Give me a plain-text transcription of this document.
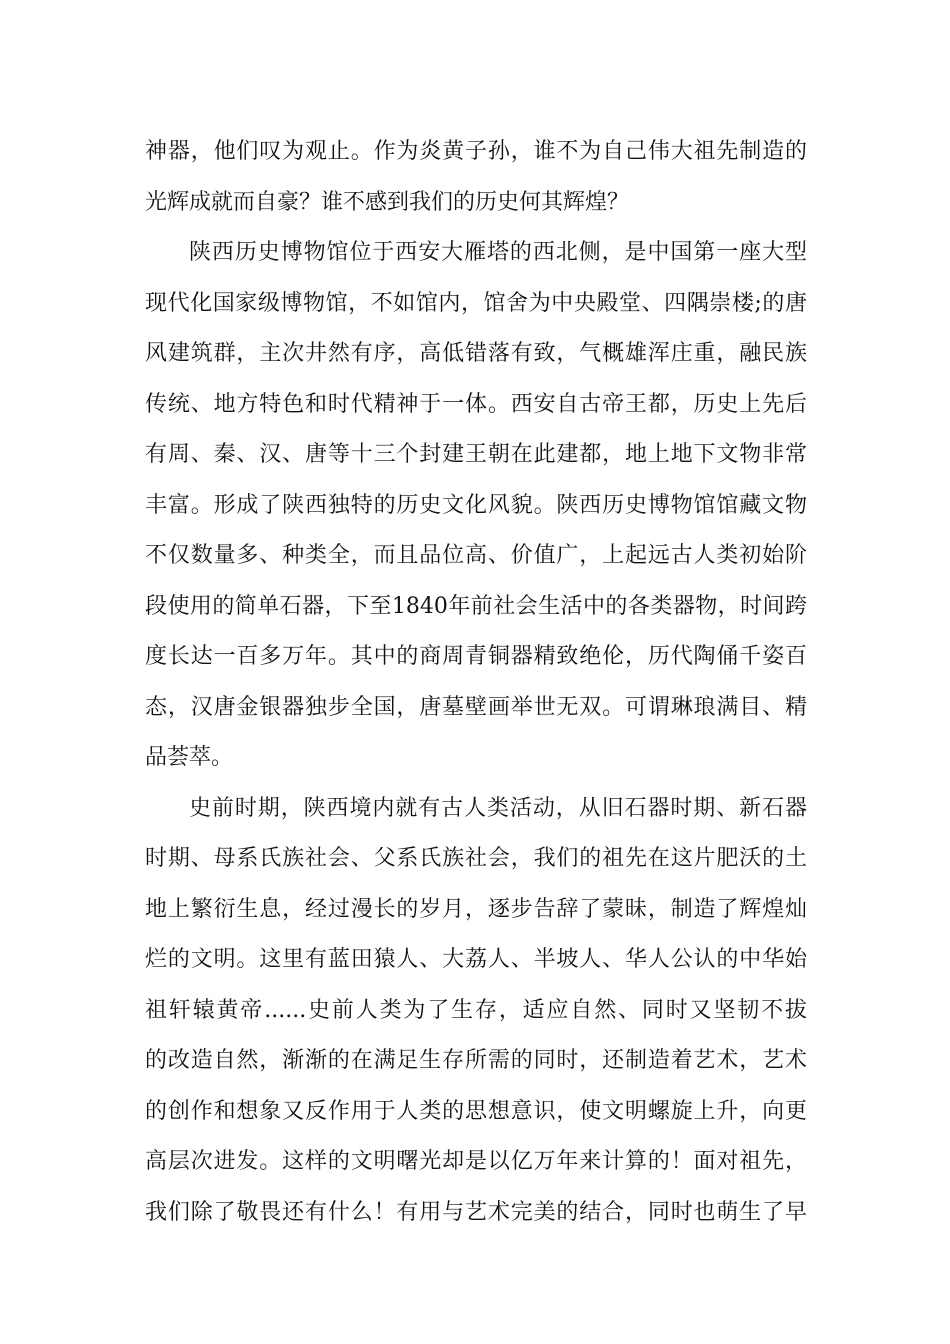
神器，他们叹为观止。作为炎黄子孙，谁不为自己伟大祖先制造的
光辉成就而自豪？谁不感到我们的历史何其辉煌？
陕西历史博物馆位于西安大雁塔的西北侧，是中国第一座大型
现代化国家级博物馆，不如馆内，馆舍为中央殿堂、四隅崇楼;的唐
风建筑群，主次井然有序，高低错落有致，气概雄浑庄重，融民族
传统、地方特色和时代精神于一体。西安自古帝王都，历史上先后
有周、秦、汉、唐等十三个封建王朝在此建都，地上地下文物非常
丰富。形成了陕西独特的历史文化风貌。陕西历史博物馆馆藏文物
不仅数量多、种类全，而且品位高、价值广，上起远古人类初始阶
段使用的简单石器，下至1840年前社会生活中的各类器物，时间跨
度长达一百多万年。其中的商周青铜器精致绝伦，历代陶俑千姿百
态，汉唐金银器独步全国，唐墓壁画举世无双。可谓琳琅满目、精
品荟萃。
史前时期，陕西境内就有古人类活动，从旧石器时期、新石器
时期、母系氏族社会、父系氏族社会，我们的祖先在这片肥沃的土
地上繁衍生息，经过漫长的岁月，逐步告辞了蒙昧，制造了辉煌灿
烂的文明。这里有蓝田猿人、大荔人、半坡人、华人公认的中华始
祖轩辕黄帝......史前人类为了生存，适应自然、同时又坚韧不拔
的改造自然，渐渐的在满足生存所需的同时，还制造着艺术，艺术
的创作和想象又反作用于人类的思想意识，使文明螺旋上升，向更
高层次进发。这样的文明曙光却是以亿万年来计算的！面对祖先，
我们除了敬畏还有什么！有用与艺术完美的结合，同时也萌生了早
